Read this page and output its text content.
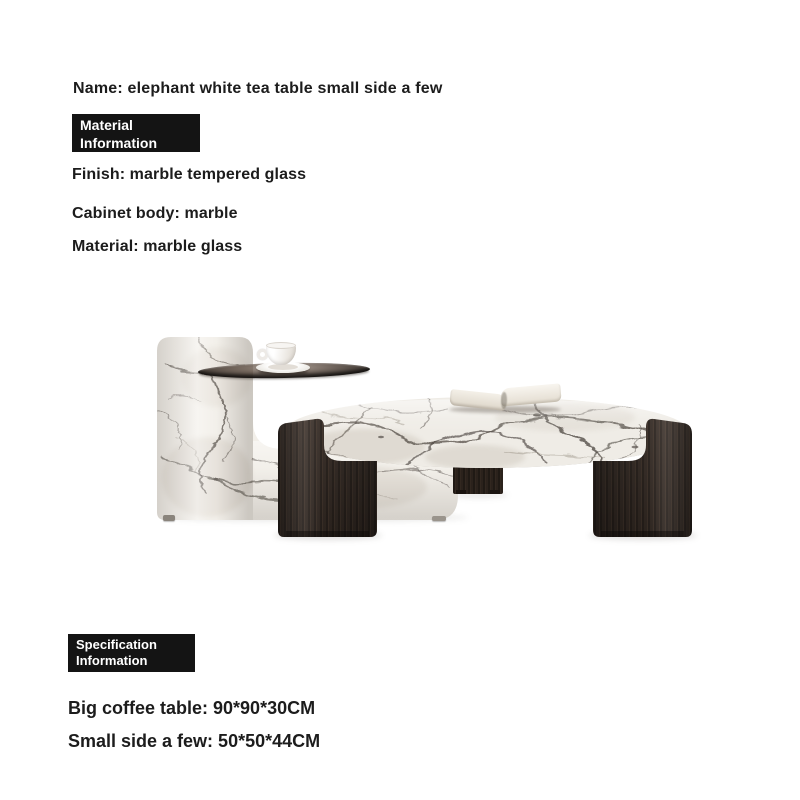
Name: elephant white tea table small side a few
Material
Information
Finish: marble tempered glass
Cabinet body: marble
Material: marble glass
Specification
Information
Big coffee table: 90*90*30CM
Small side a few: 50*50*44CM
